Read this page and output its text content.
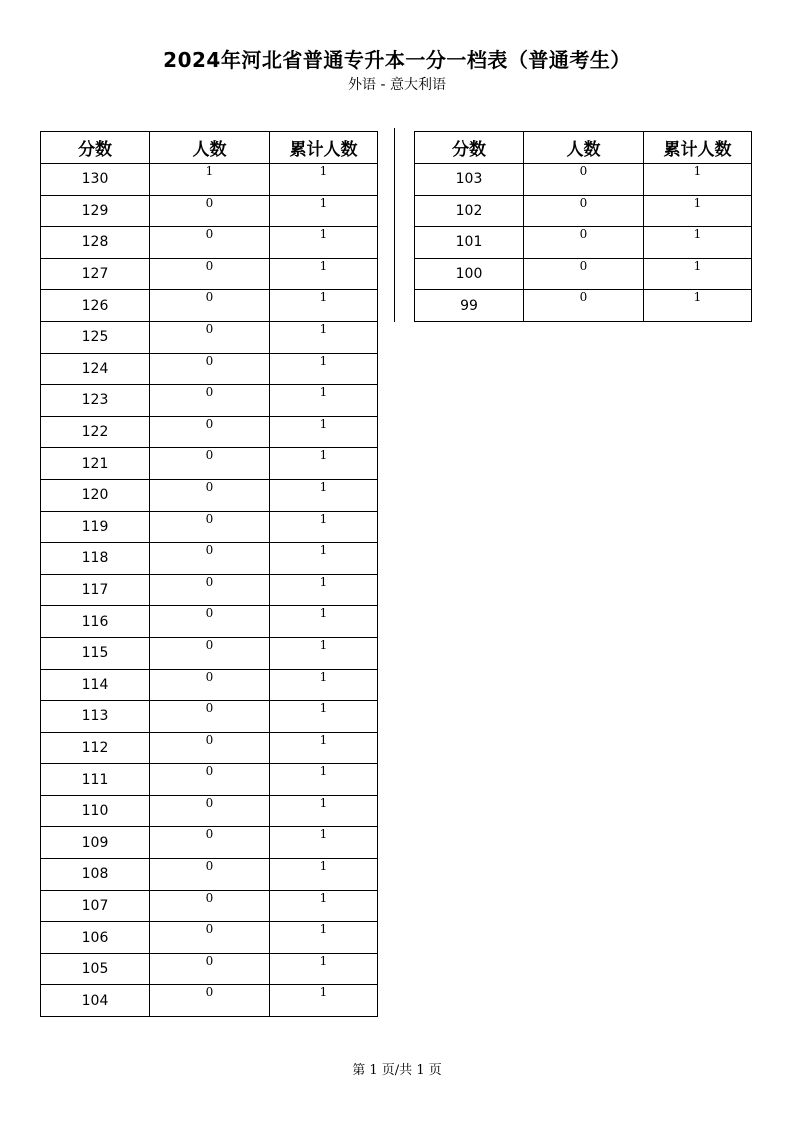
2024年河北省普通专升本一分一档表（普通考生）
外语 - 意大利语
分数	人数	累计人数
130	1	1
129	0	1
128	0	1
127	0	1
126	0	1
125	0	1
124	0	1
123	0	1
122	0	1
121	0	1
120	0	1
119	0	1
118	0	1
117	0	1
116	0	1
115	0	1
114	0	1
113	0	1
112	0	1
111	0	1
110	0	1
109	0	1
108	0	1
107	0	1
106	0	1
105	0	1
104	0	1
分数	人数	累计人数
103	0	1
102	0	1
101	0	1
100	0	1
99	0	1
第 1 页/共 1 页
